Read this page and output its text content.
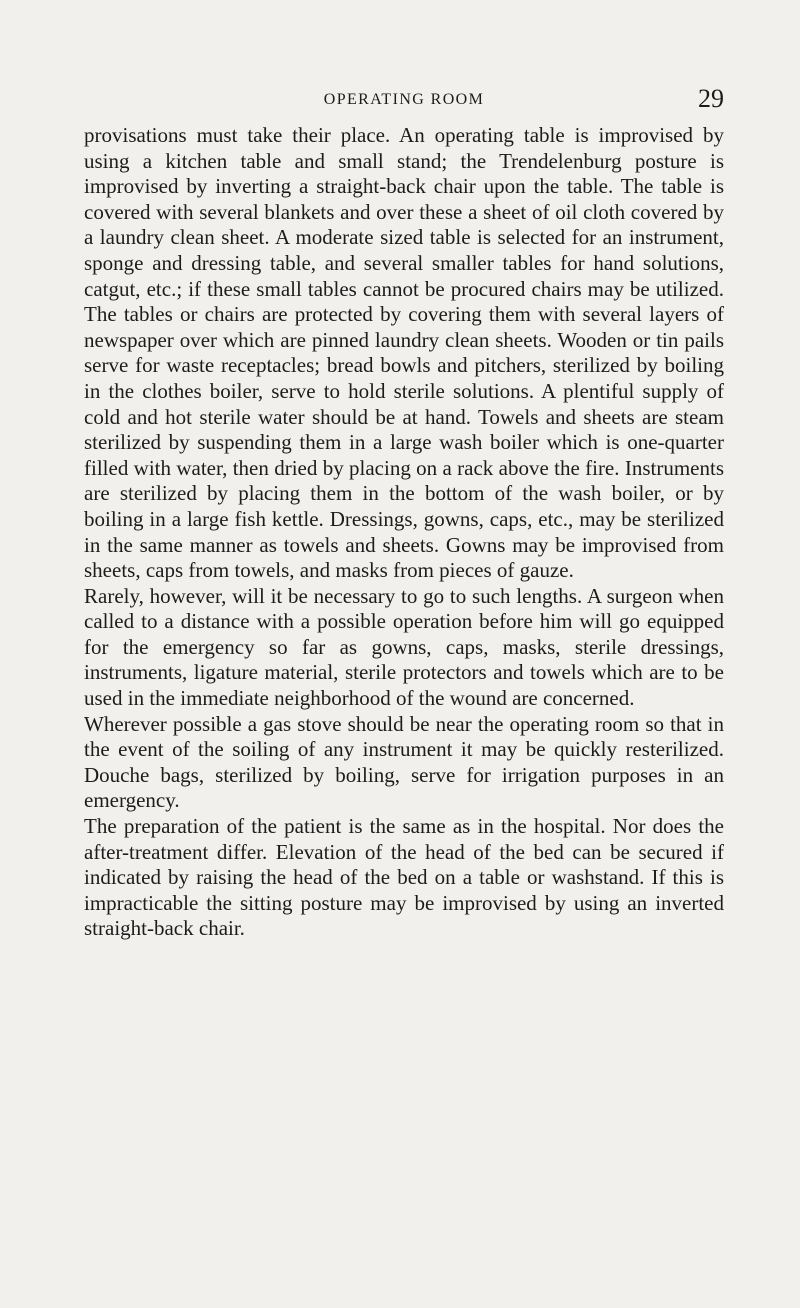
OPERATING ROOM	29

provisations must take their place. An operating table is improvised by using a kitchen table and small stand; the Trendelenburg posture is improvised by inverting a straight-back chair upon the table. The table is covered with several blankets and over these a sheet of oil cloth covered by a laundry clean sheet. A moderate sized table is selected for an instrument, sponge and dressing table, and several smaller tables for hand solutions, catgut, etc.; if these small tables cannot be procured chairs may be utilized. The tables or chairs are protected by covering them with several layers of newspaper over which are pinned laundry clean sheets. Wooden or tin pails serve for waste receptacles; bread bowls and pitchers, sterilized by boiling in the clothes boiler, serve to hold sterile solutions. A plentiful supply of cold and hot sterile water should be at hand. Towels and sheets are steam sterilized by suspending them in a large wash boiler which is one-quarter filled with water, then dried by placing on a rack above the fire. Instruments are sterilized by placing them in the bottom of the wash boiler, or by boiling in a large fish kettle. Dressings, gowns, caps, etc., may be sterilized in the same manner as towels and sheets. Gowns may be improvised from sheets, caps from towels, and masks from pieces of gauze.

Rarely, however, will it be necessary to go to such lengths. A surgeon when called to a distance with a possible operation before him will go equipped for the emergency so far as gowns, caps, masks, sterile dressings, instruments, ligature material, sterile protectors and towels which are to be used in the immediate neighborhood of the wound are concerned.

Wherever possible a gas stove should be near the operating room so that in the event of the soiling of any instrument it may be quickly resterilized. Douche bags, sterilized by boiling, serve for irrigation purposes in an emergency.

The preparation of the patient is the same as in the hospital. Nor does the after-treatment differ. Elevation of the head of the bed can be secured if indicated by raising the head of the bed on a table or washstand. If this is impracticable the sitting posture may be improvised by using an inverted straight-back chair.
